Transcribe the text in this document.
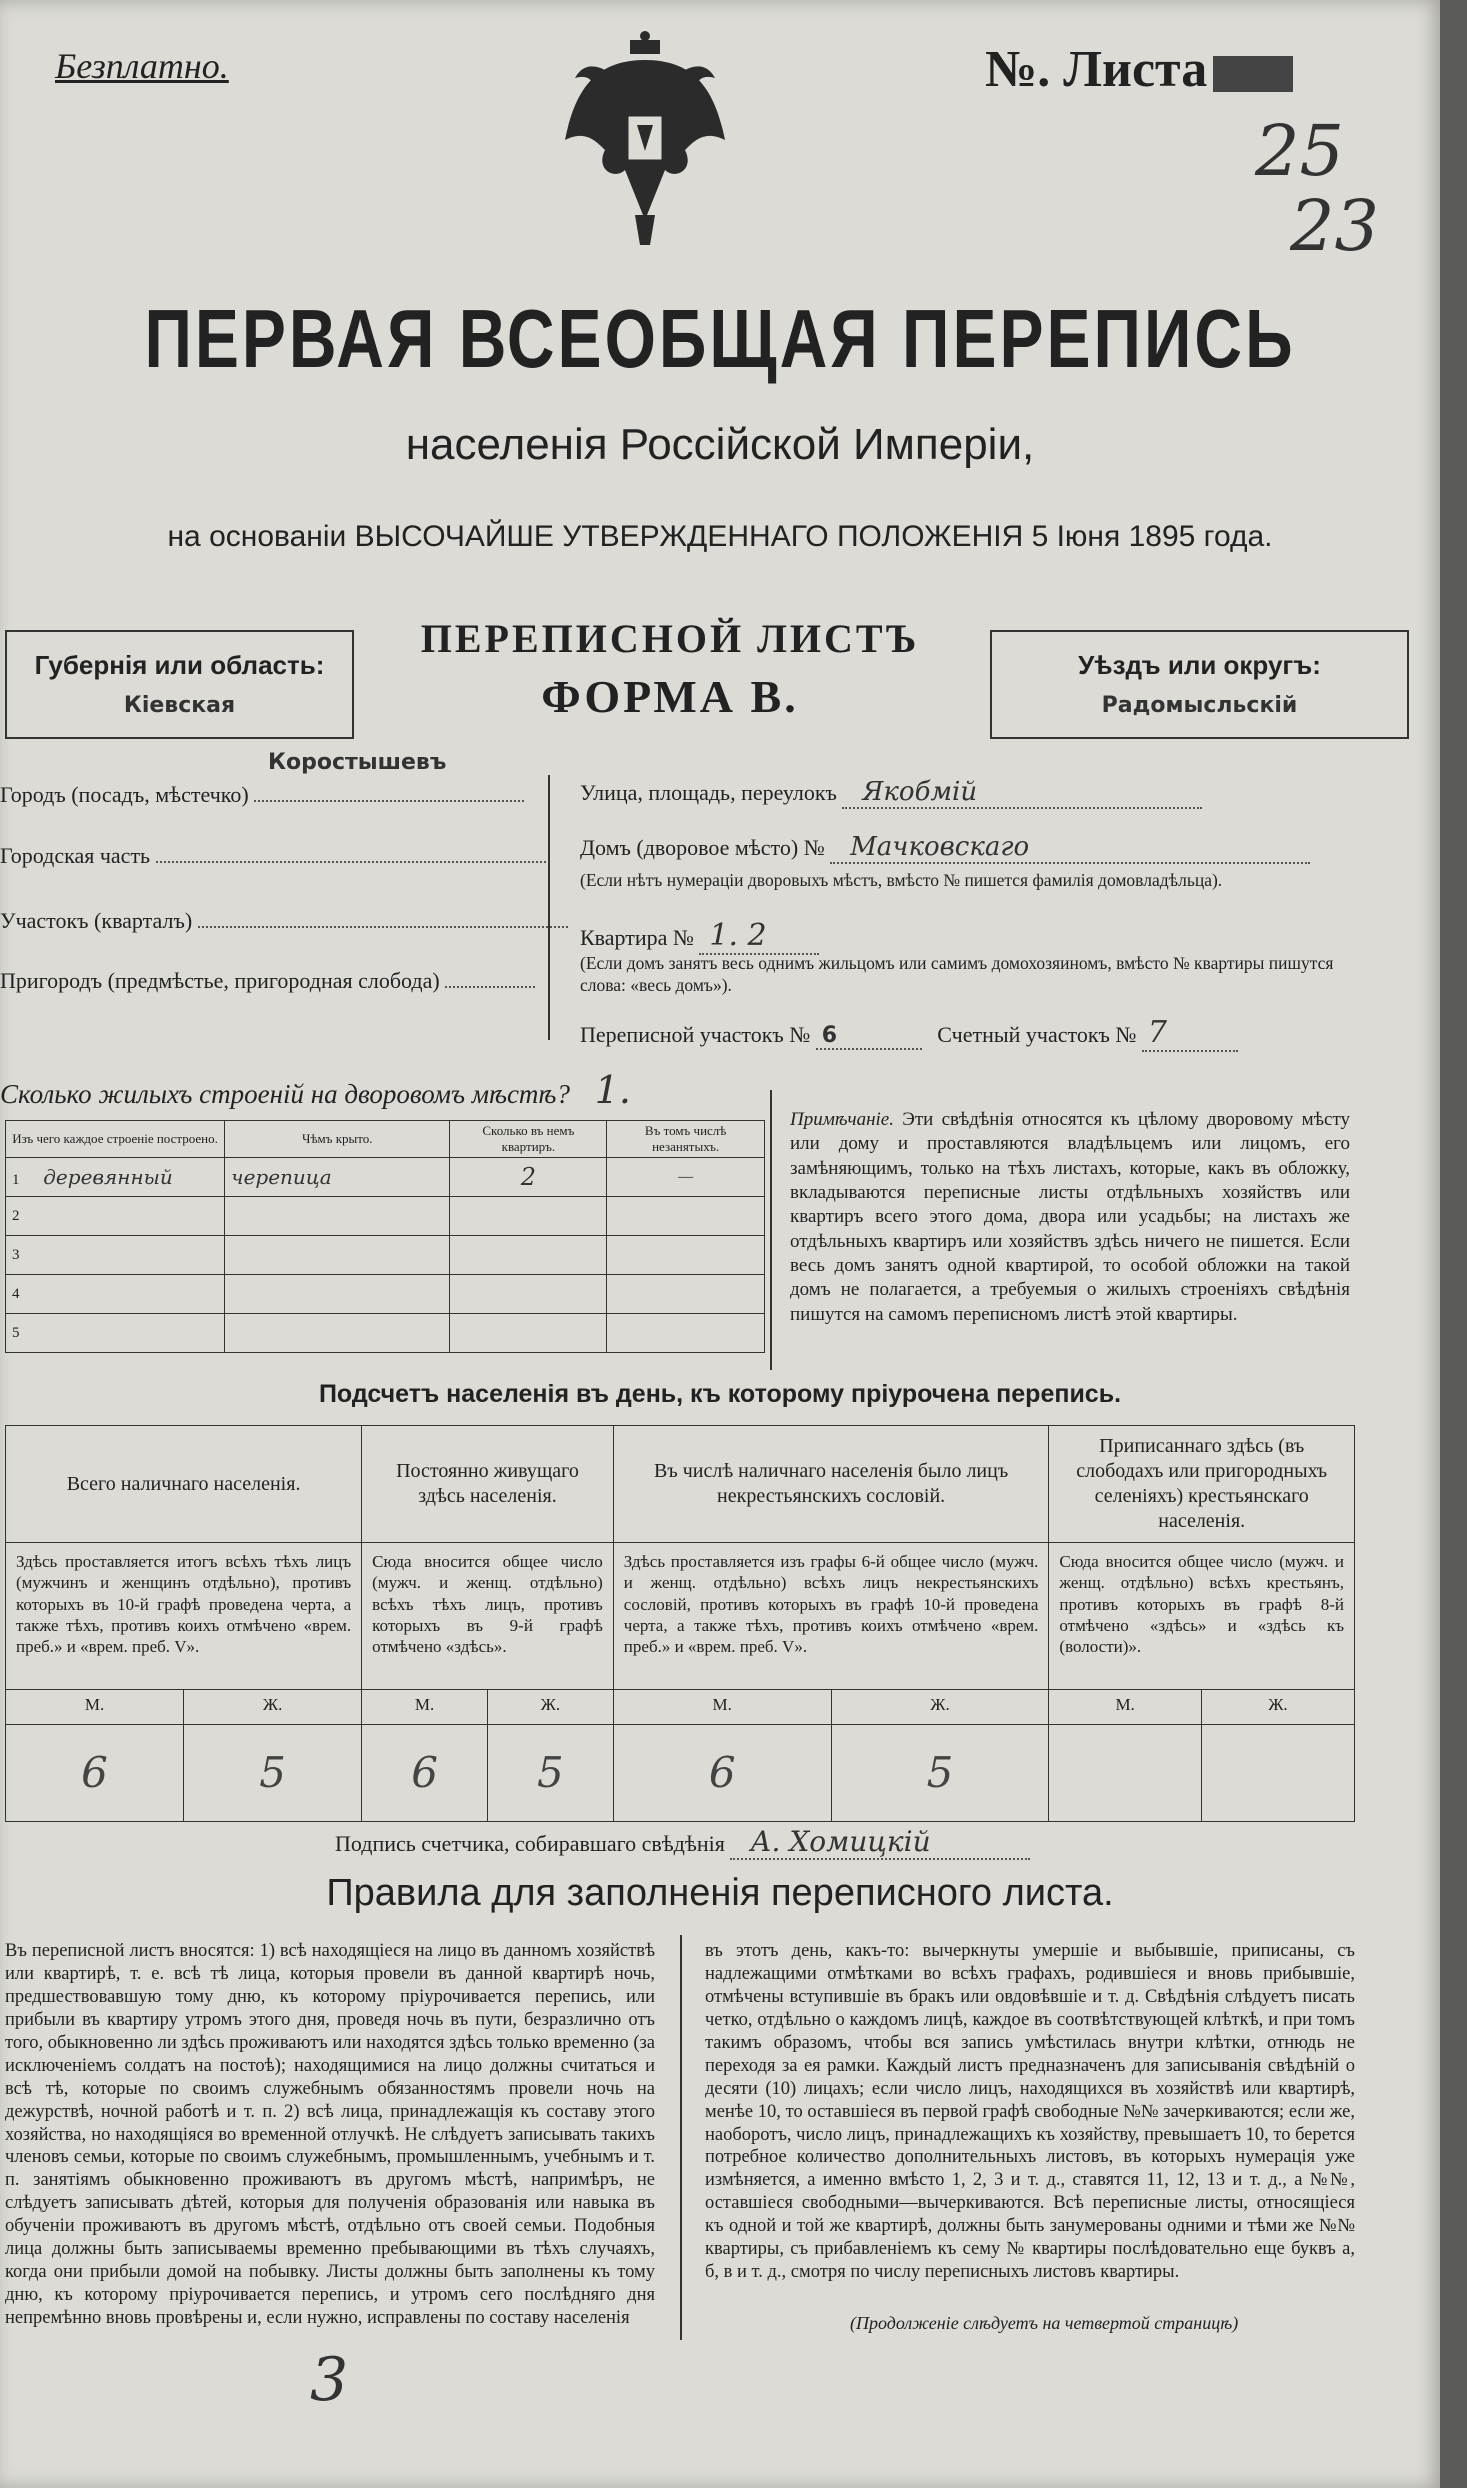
Безплатно.	№. Листа
25
23
ПЕРВАЯ ВСЕОБЩАЯ ПЕРЕПИСЬ
населенія Россійской Имперіи,
на основаніи ВЫСОЧАЙШЕ УТВЕРЖДЕННАГО ПОЛОЖЕНІЯ 5 Іюня 1895 года.
Губернія или область:
Кіевская
ПЕРЕПИСНОЙ ЛИСТЪ
ФОРМА В.
Уѣздъ или округъ:
Радомысльскій
Коростышевъ
Городъ (посадъ, мѣстечко)
Городская часть
Участокъ (кварталъ)
Пригородъ (предмѣстье, пригородная слобода)
Улица, площадь, переулокъ Якобмій
Домъ (дворовое мѣсто) № Мачковскаго
(Если нѣтъ нумераціи дворовыхъ мѣстъ, вмѣсто № пишется фамилія домовладѣльца).
Квартира № 1. 2
(Если домъ занятъ весь однимъ жильцомъ или самимъ домохозяиномъ, вмѣсто № квартиры пишутся слова: «весь домъ»).
Переписной участокъ № 6	Счетный участокъ № 7
Сколько жилыхъ строеній на дворовомъ мѣстѣ? 1.
Изъ чего каждое строеніе построено.	Чѣмъ крыто.	Сколько въ немъ квартиръ.	Въ томъ числѣ незанятыхъ.
1 деревянный	черепица	2	—
2			
3			
4			
5			
Примѣчаніе. Эти свѣдѣнія относятся къ цѣлому дворовому мѣсту или дому и проставляются владѣльцемъ или лицомъ, его замѣняющимъ, только на тѣхъ листахъ, которые, какъ въ обложку, вкладываются переписные листы отдѣльныхъ хозяйствъ или квартиръ всего этого дома, двора или усадьбы; на листахъ же отдѣльныхъ квартиръ или хозяйствъ здѣсь ничего не пишется. Если весь домъ занятъ одной квартирой, то особой обложки на такой домъ не полагается, а требуемыя о жилыхъ строеніяхъ свѣдѣнія пишутся на самомъ переписномъ листѣ этой квартиры.
Подсчетъ населенія въ день, къ которому пріурочена перепись.
Всего наличнаго населенія.		Постоянно живущаго здѣсь населенія.		Въ числѣ наличнаго населенія было лицъ некрестьянскихъ сословій.		Приписаннаго здѣсь (въ слободахъ или пригородныхъ селеніяхъ) крестьянскаго населенія.	
Здѣсь проставляется итогъ всѣхъ тѣхъ лицъ (мужчинъ и женщинъ отдѣльно), противъ которыхъ въ 10-й графѣ проведена черта, а также тѣхъ, противъ коихъ отмѣчено «врем. преб.» и «врем. преб. V».		Сюда вносится общее число (мужч. и женщ. отдѣльно) всѣхъ тѣхъ лицъ, противъ которыхъ въ 9-й графѣ отмѣчено «здѣсь».		Здѣсь проставляется изъ графы 6-й общее число (мужч. и женщ. отдѣльно) всѣхъ лицъ некрестьянскихъ сословій, противъ которыхъ въ графѣ 10-й проведена черта, а также тѣхъ, противъ коихъ отмѣчено «врем. преб.» и «врем. преб. V».		Сюда вносится общее число (мужч. и женщ. отдѣльно) всѣхъ крестьянъ, противъ которыхъ въ графѣ 8-й отмѣчено «здѣсь» и «здѣсь къ (волости)».	
М.	Ж.	М.	Ж.	М.	Ж.	М.	Ж.
6	5	6	5	6	5		
Подпись счетчика, собиравшаго свѣдѣнія А. Хомицкій
Правила для заполненія переписного листа.
Въ переписной листъ вносятся: 1) всѣ находящіеся на лицо въ данномъ хозяйствѣ или квартирѣ, т. е. всѣ тѣ лица, которыя провели въ данной квартирѣ ночь, предшествовавшую тому дню, къ которому пріурочивается перепись, или прибыли въ квартиру утромъ этого дня, проведя ночь въ пути, безразлично отъ того, обыкновенно ли здѣсь проживаютъ или находятся здѣсь только временно (за исключеніемъ солдатъ на постоѣ); находящимися на лицо должны считаться и всѣ тѣ, которые по своимъ служебнымъ обязанностямъ провели ночь на дежурствѣ, ночной работѣ и т. п. 2) всѣ лица, принадлежащія къ составу этого хозяйства, но находящіяся во временной отлучкѣ. Не слѣдуетъ записывать такихъ членовъ семьи, которые по своимъ служебнымъ, промышленнымъ, учебнымъ и т. п. занятіямъ обыкновенно проживаютъ въ другомъ мѣстѣ, напримѣръ, не слѣдуетъ записывать дѣтей, которыя для полученія образованія или навыка въ обученіи проживаютъ въ другомъ мѣстѣ, отдѣльно отъ своей семьи. Подобныя лица должны быть записываемы временно пребывающими въ тѣхъ случаяхъ, когда они прибыли домой на побывку. Листы должны быть заполнены къ тому дню, къ которому пріурочивается перепись, и утромъ сего послѣдняго дня непремѣнно вновь провѣрены и, если нужно, исправлены по составу населенія
въ этотъ день, какъ-то: вычеркнуты умершіе и выбывшіе, приписаны, съ надлежащими отмѣтками во всѣхъ графахъ, родившіеся и вновь прибывшіе, отмѣчены вступившіе въ бракъ или овдовѣвшіе и т. д. Свѣдѣнія слѣдуетъ писать четко, отдѣльно о каждомъ лицѣ, каждое въ соотвѣтствующей клѣткѣ, и при томъ такимъ образомъ, чтобы вся запись умѣстилась внутри клѣтки, отнюдь не переходя за ея рамки. Каждый листъ предназначенъ для записыванія свѣдѣній о десяти (10) лицахъ; если число лицъ, находящихся въ хозяйствѣ или квартирѣ, менѣе 10, то оставшіеся въ первой графѣ свободные №№ зачеркиваются; если же, наоборотъ, число лицъ, принадлежащихъ къ хозяйству, превышаетъ 10, то берется потребное количество дополнительныхъ листовъ, въ которыхъ нумерація уже измѣняется, а именно вмѣсто 1, 2, 3 и т. д., ставятся 11, 12, 13 и т. д., а №№, оставшіеся свободными—вычеркиваются. Всѣ переписные листы, относящіеся къ одной и той же квартирѣ, должны быть занумерованы одними и тѣми же №№ квартиры, съ прибавленіемъ къ сему № квартиры послѣдовательно еще буквъ а, б, в и т. д., смотря по числу переписныхъ листовъ квартиры.
(Продолженіе слѣдуетъ на четвертой страницѣ)
3
